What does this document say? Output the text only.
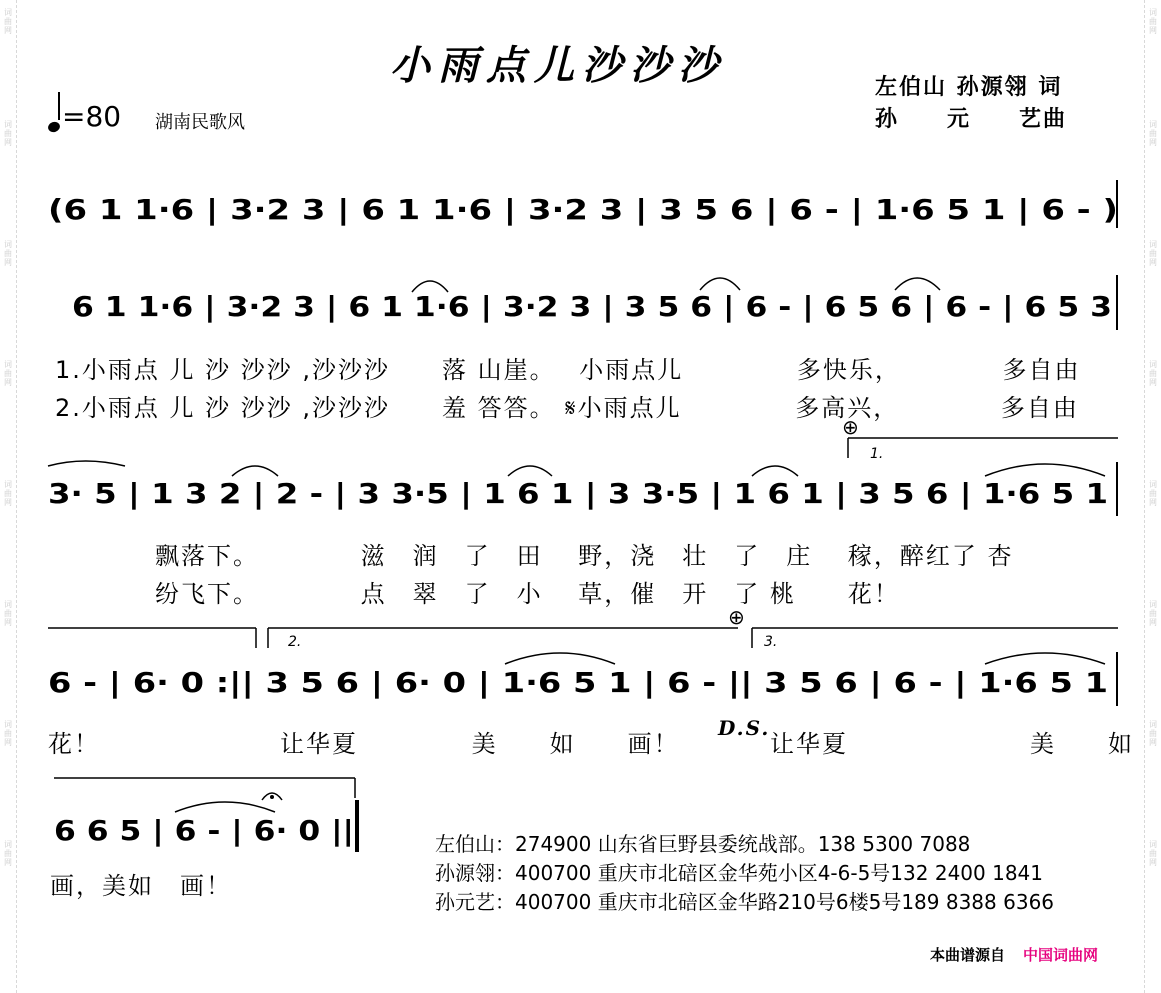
词曲网
词曲网
词曲网
词曲网
词曲网
词曲网
词曲网
词曲网
词曲网
词曲网
词曲网
词曲网
词曲网
词曲网
词曲网
词曲网
小雨点儿沙沙沙
=80 湖南民歌风
左伯山 孙源翎 词
孙　　元　　艺曲
(6 1 1·6 | 3·2 3 | 6 1 1·6 | 3·2 3 | 3 5 6 | 6 - | 1·6 5 1 | 6 - )
6 1 1·6 | 3·2 3 | 6 1 1·6 | 3·2 3 | 3 5 6 | 6 - | 6 5 6 | 6 - | 6 5 3
1.
⊕
3· 5 | 1 3 2 | 2 - | 3 3·5 | 1 6 1 | 3 3·5 | 1 6 1 | 3 5 6 | 1·6 5 1
2.	3.
⊕
6 - | 6· 0 :|| 3 5 6 | 6· 0 | 1·6 5 1 | 6 - || 3 5 6 | 6 - | 1·6 5 1
6 6 5 | 6 - | 6· 0 ||
1.小雨点 儿 沙 沙沙 ,沙沙沙　　落 山崖。　 小雨点儿　　　　 多快乐，　　　　 多自由
2.小雨点 儿 沙 沙沙 ,沙沙沙　　羞 答答。 𝄋小雨点儿　　　　 多高兴，　　　　 多自由
飘落下。　　　　 滋　润　了　田　 野，浇　壮　了　庄　 稼，醉红了 杏
纷飞下。　　　　 点　翠　了　小　 草，催　开　了 桃　　花！
花！	让华夏　　　　 美　　如　　画！
D.S.
让华夏　　　　　　　美　　如
画，美如　画！
左伯山：274900 山东省巨野县委统战部。138 5300 7088
孙源翎：400700 重庆市北碚区金华苑小区4-6-5号132 2400 1841
孙元艺：400700 重庆市北碚区金华路210号6楼5号189 8388 6366
本曲谱源自 中国词曲网
